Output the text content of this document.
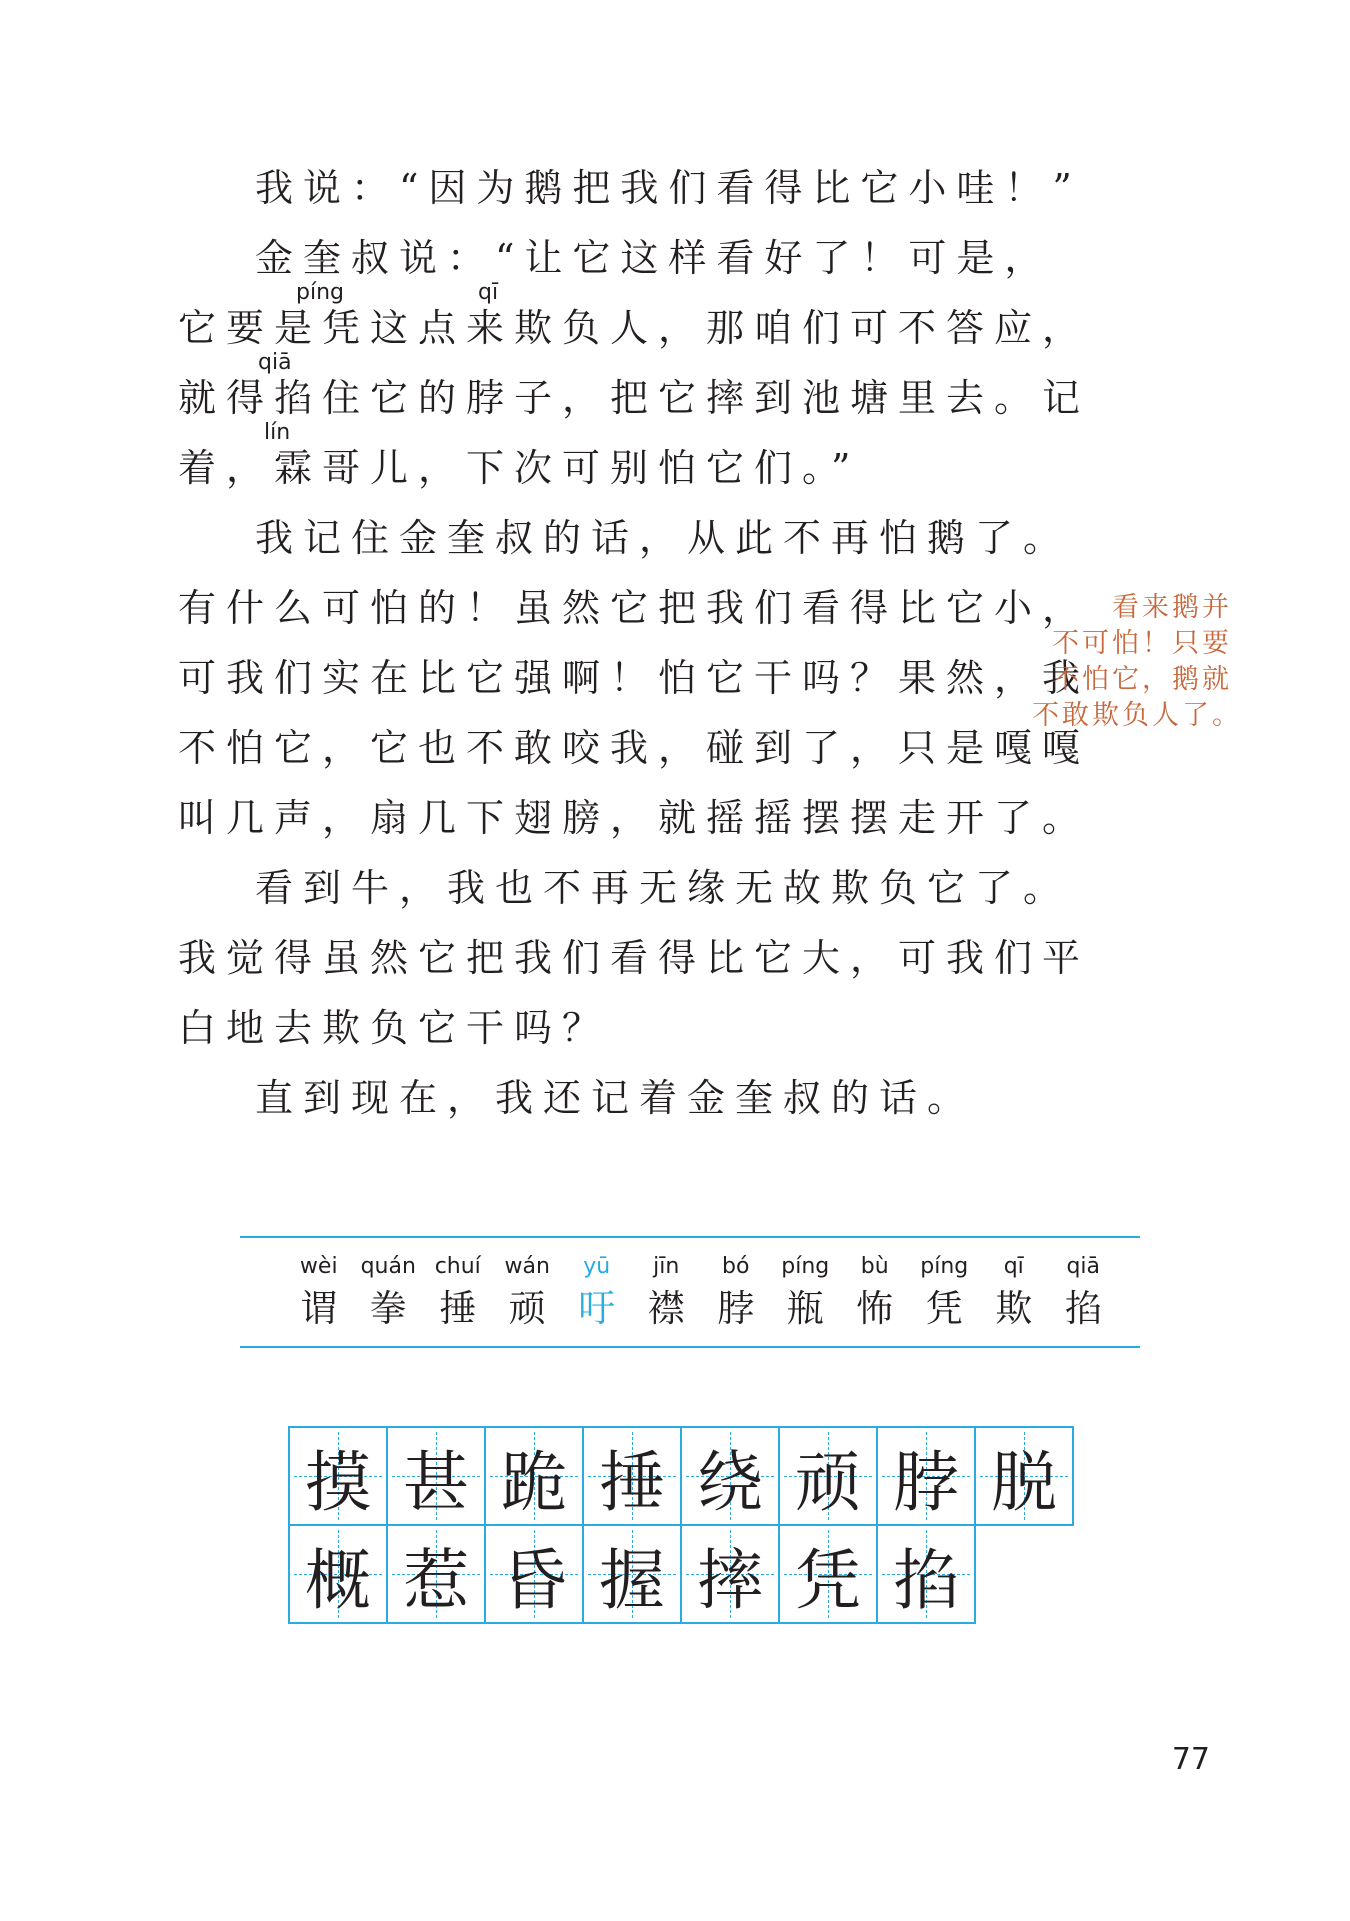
我说：“因为鹅把我们看得比它小哇！”
金奎叔说：“让它这样看好了！可是，
píng	qī
它要是凭这点来欺负人，那咱们可不答应，
qiā
就得掐住它的脖子，把它摔到池塘里去。记
lín
着，霖哥儿，下次可别怕它们。”
我记住金奎叔的话，从此不再怕鹅了。
有什么可怕的！虽然它把我们看得比它小，
可我们实在比它强啊！怕它干吗？果然，我
不怕它，它也不敢咬我，碰到了，只是嘎嘎
叫几声，扇几下翅膀，就摇摇摆摆走开了。
看到牛，我也不再无缘无故欺负它了。
我觉得虽然它把我们看得比它大，可我们平
白地去欺负它干吗？
直到现在，我还记着金奎叔的话。
看来鹅并
不可怕！只要
不怕它，鹅就
不敢欺负人了。
wèi
谓
quán
拳
chuí
捶
wán
顽
yū
吁
jīn
襟
bó
脖
píng
瓶
bù
怖
píng
凭
qī
欺
qiā
掐
摸 甚 跪 捶 绕 顽 脖 脱
概 惹 昏 握 摔 凭 掐
77
